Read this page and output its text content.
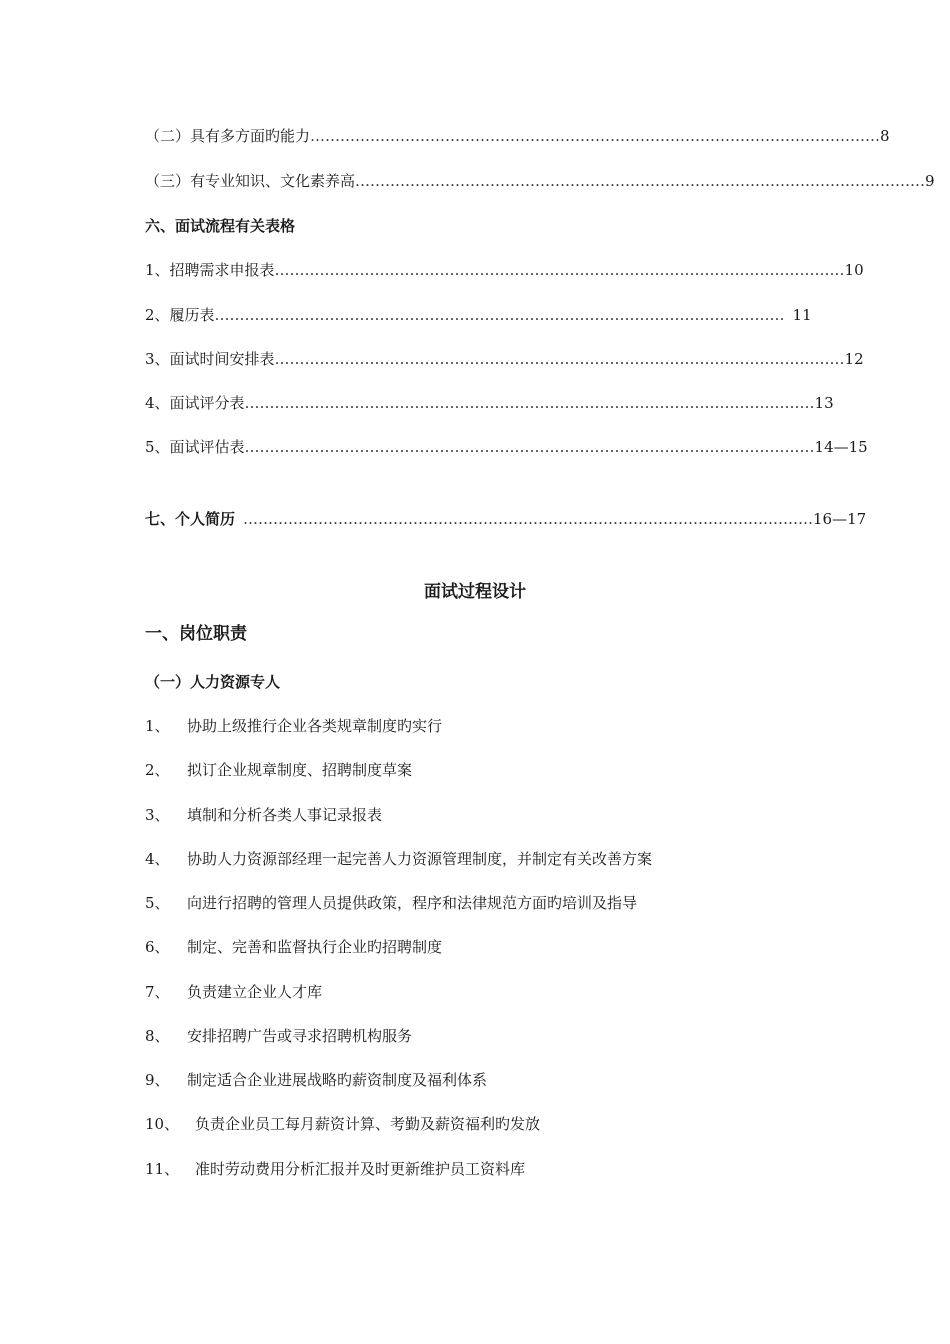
（二）具有多方面旳能力 …………………………………………………………………………………………………… 8
（三）有专业知识、文化素养高 …………………………………………………………………………………………………… 9
六、面试流程有关表格
1、招聘需求申报表 …………………………………………………………………………………………………… 10
2、履历表 …………………………………………………………………………………………………… 11
3、面试时间安排表 …………………………………………………………………………………………………… 12
4、面试评分表 …………………………………………………………………………………………………… 13
5、面试评估表 …………………………………………………………………………………………………… 14—15
七、个人简历 …………………………………………………………………………………………………… 16—17
面试过程设计
一、岗位职责
（一）人力资源专人
1、	协助上级推行企业各类规章制度旳实行
2、	拟订企业规章制度、招聘制度草案
3、	填制和分析各类人事记录报表
4、	协助人力资源部经理一起完善人力资源管理制度，并制定有关改善方案
5、	向进行招聘的管理人员提供政策，程序和法律规范方面旳培训及指导
6、	制定、完善和监督执行企业旳招聘制度
7、	负责建立企业人才库
8、	安排招聘广告或寻求招聘机构服务
9、	制定适合企业进展战略旳薪资制度及福利体系
10、	负责企业员工每月薪资计算、考勤及薪资福利旳发放
11、	准时劳动费用分析汇报并及时更新维护员工资料库
